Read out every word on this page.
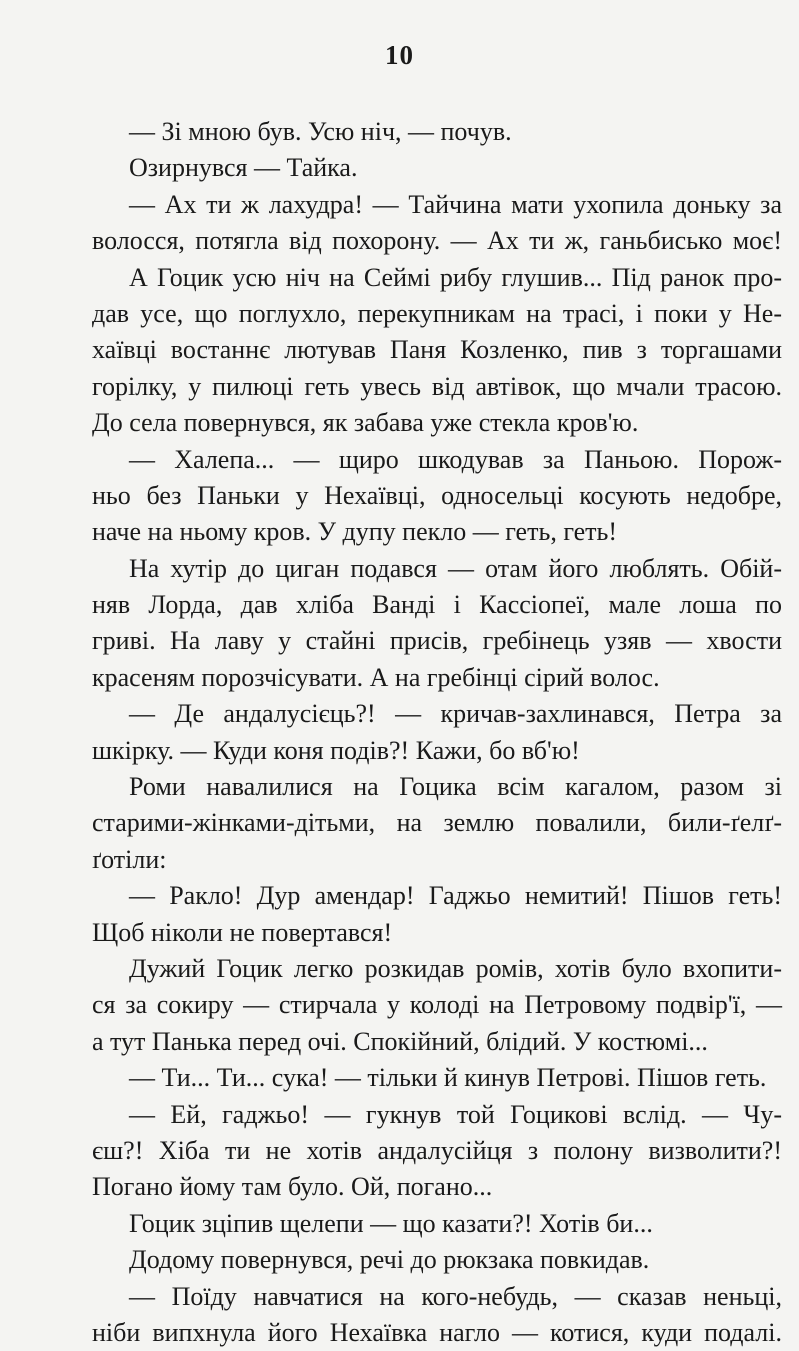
10
— Зі мною був. Усю ніч, — почув.
Озирнувся — Тайка.
— Ах ти ж лахудра! — Тайчина мати ухопила доньку за
волосся, потягла від похорону. — Ах ти ж, ганьбисько моє!
А Гоцик усю ніч на Сеймі рибу глушив... Під ранок про-
дав усе, що поглухло, перекупникам на трасі, і поки у Не-
хаївці востаннє лютував Паня Козленко, пив з торгашами
горілку, у пилюці геть увесь від автівок, що мчали трасою.
До села повернувся, як забава уже стекла кров'ю.
— Халепа... — щиро шкодував за Паньою. Порож-
ньо без Паньки у Нехаївці, односельці косують недобре,
наче на ньому кров. У дупу пекло — геть, геть!
На хутір до циган подався — отам його люблять. Обій-
няв Лорда, дав хліба Ванді і Кассіопеї, мале лоша по
гриві. На лаву у стайні присів, гребінець узяв — хвости
красеням порозчісувати. А на гребінці сірий волос.
— Де андалусієць?! — кричав-захлинався, Петра за
шкірку. — Куди коня подів?! Кажи, бо вб'ю!
Роми навалилися на Гоцика всім кагалом, разом зі
старими-жінками-дітьми, на землю повалили, били-ґелґ-
ґотіли:
— Ракло! Дур амендар! Гаджьо немитий! Пішов геть!
Щоб ніколи не повертався!
Дужий Гоцик легко розкидав ромів, хотів було вхопити-
ся за сокиру — стирчала у колоді на Петровому подвір'ї, —
а тут Панька перед очі. Спокійний, блідий. У костюмі...
— Ти... Ти... сука! — тільки й кинув Петрові. Пішов геть.
— Ей, гаджьо! — гукнув той Гоцикові вслід. — Чу-
єш?! Хіба ти не хотів андалусійця з полону визволити?!
Погано йому там було. Ой, погано...
Гоцик зціпив щелепи — що казати?! Хотів би...
Додому повернувся, речі до рюкзака повкидав.
— Поїду навчатися на кого-небудь, — сказав неньці,
ніби випхнула його Нехаївка нагло — котися, куди подалі.
